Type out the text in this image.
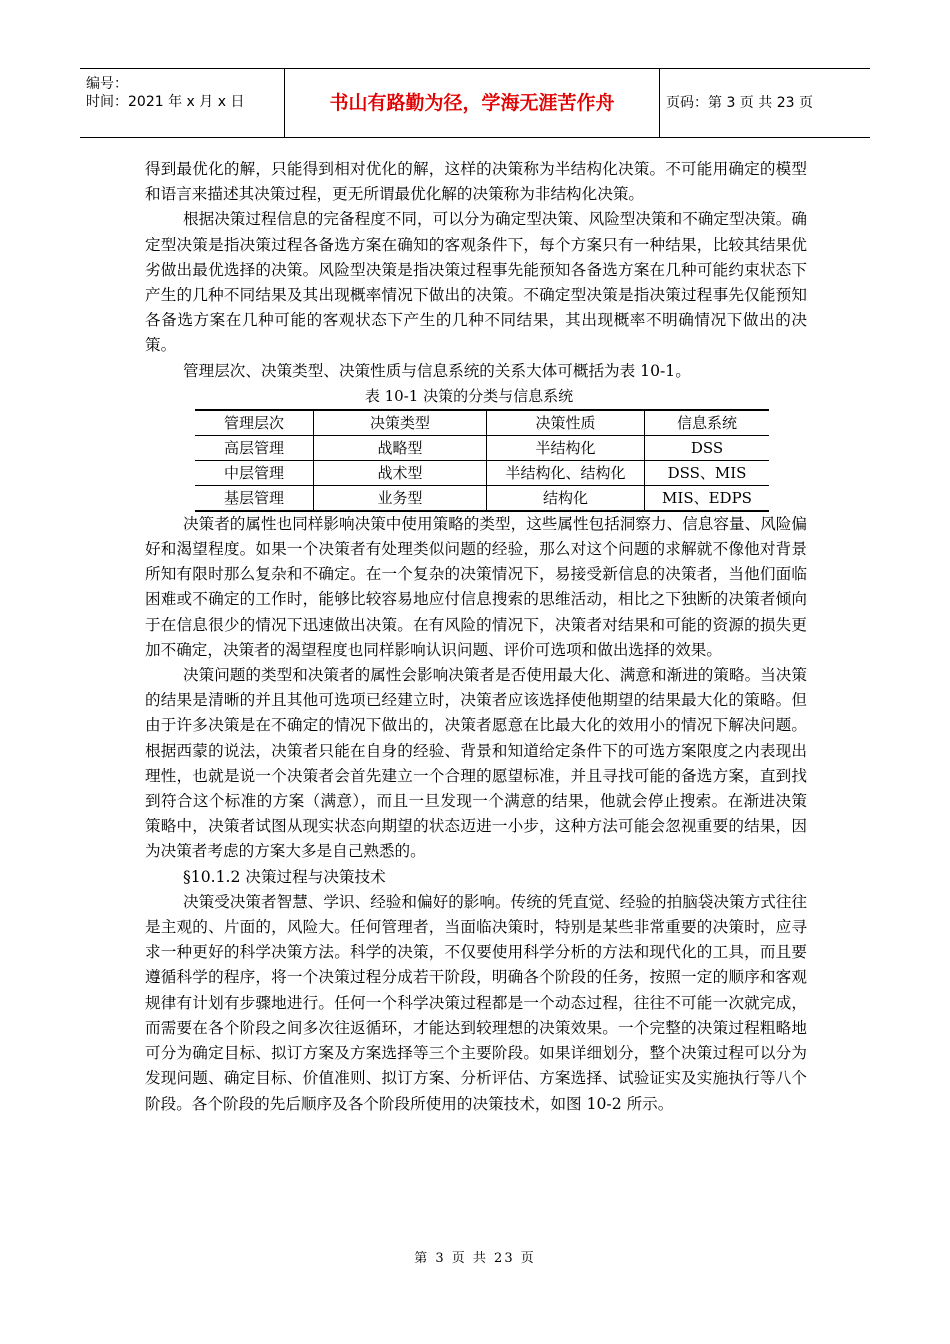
编号：
时间：2021 年 x 月 x 日	书山有路勤为径，学海无涯苦作舟	页码：第 3 页 共 23 页

得到最优化的解，只能得到相对优化的解，这样的决策称为半结构化决策。不可能用确定的模型和语言来描述其决策过程，更无所谓最优化解的决策称为非结构化决策。

根据决策过程信息的完备程度不同，可以分为确定型决策、风险型决策和不确定型决策。确定型决策是指决策过程各备选方案在确知的客观条件下，每个方案只有一种结果，比较其结果优劣做出最优选择的决策。风险型决策是指决策过程事先能预知各备选方案在几种可能约束状态下产生的几种不同结果及其出现概率情况下做出的决策。不确定型决策是指决策过程事先仅能预知各备选方案在几种可能的客观状态下产生的几种不同结果，其出现概率不明确情况下做出的决策。

管理层次、决策类型、决策性质与信息系统的关系大体可概括为表 10-1。

表 10-1 决策的分类与信息系统

管理层次	决策类型	决策性质	信息系统
高层管理	战略型	半结构化	DSS
中层管理	战术型	半结构化、结构化	DSS、MIS
基层管理	业务型	结构化	MIS、EDPS

决策者的属性也同样影响决策中使用策略的类型，这些属性包括洞察力、信息容量、风险偏好和渴望程度。如果一个决策者有处理类似问题的经验，那么对这个问题的求解就不像他对背景所知有限时那么复杂和不确定。在一个复杂的决策情况下，易接受新信息的决策者，当他们面临困难或不确定的工作时，能够比较容易地应付信息搜索的思维活动，相比之下独断的决策者倾向于在信息很少的情况下迅速做出决策。在有风险的情况下，决策者对结果和可能的资源的损失更加不确定，决策者的渴望程度也同样影响认识问题、评价可选项和做出选择的效果。

决策问题的类型和决策者的属性会影响决策者是否使用最大化、满意和渐进的策略。当决策的结果是清晰的并且其他可选项已经建立时，决策者应该选择使他期望的结果最大化的策略。但由于许多决策是在不确定的情况下做出的，决策者愿意在比最大化的效用小的情况下解决问题。根据西蒙的说法，决策者只能在自身的经验、背景和知道给定条件下的可选方案限度之内表现出理性，也就是说一个决策者会首先建立一个合理的愿望标准，并且寻找可能的备选方案，直到找到符合这个标准的方案（满意），而且一旦发现一个满意的结果，他就会停止搜索。在渐进决策策略中，决策者试图从现实状态向期望的状态迈进一小步，这种方法可能会忽视重要的结果，因为决策者考虑的方案大多是自己熟悉的。

§10.1.2 决策过程与决策技术

决策受决策者智慧、学识、经验和偏好的影响。传统的凭直觉、经验的拍脑袋决策方式往往是主观的、片面的，风险大。任何管理者，当面临决策时，特别是某些非常重要的决策时，应寻求一种更好的科学决策方法。科学的决策，不仅要使用科学分析的方法和现代化的工具，而且要遵循科学的程序，将一个决策过程分成若干阶段，明确各个阶段的任务，按照一定的顺序和客观规律有计划有步骤地进行。任何一个科学决策过程都是一个动态过程，往往不可能一次就完成，而需要在各个阶段之间多次往返循环，才能达到较理想的决策效果。一个完整的决策过程粗略地可分为确定目标、拟订方案及方案选择等三个主要阶段。如果详细划分，整个决策过程可以分为发现问题、确定目标、价值准则、拟订方案、分析评估、方案选择、试验证实及实施执行等八个阶段。各个阶段的先后顺序及各个阶段所使用的决策技术，如图 10-2 所示。

第 3 页 共 23 页
